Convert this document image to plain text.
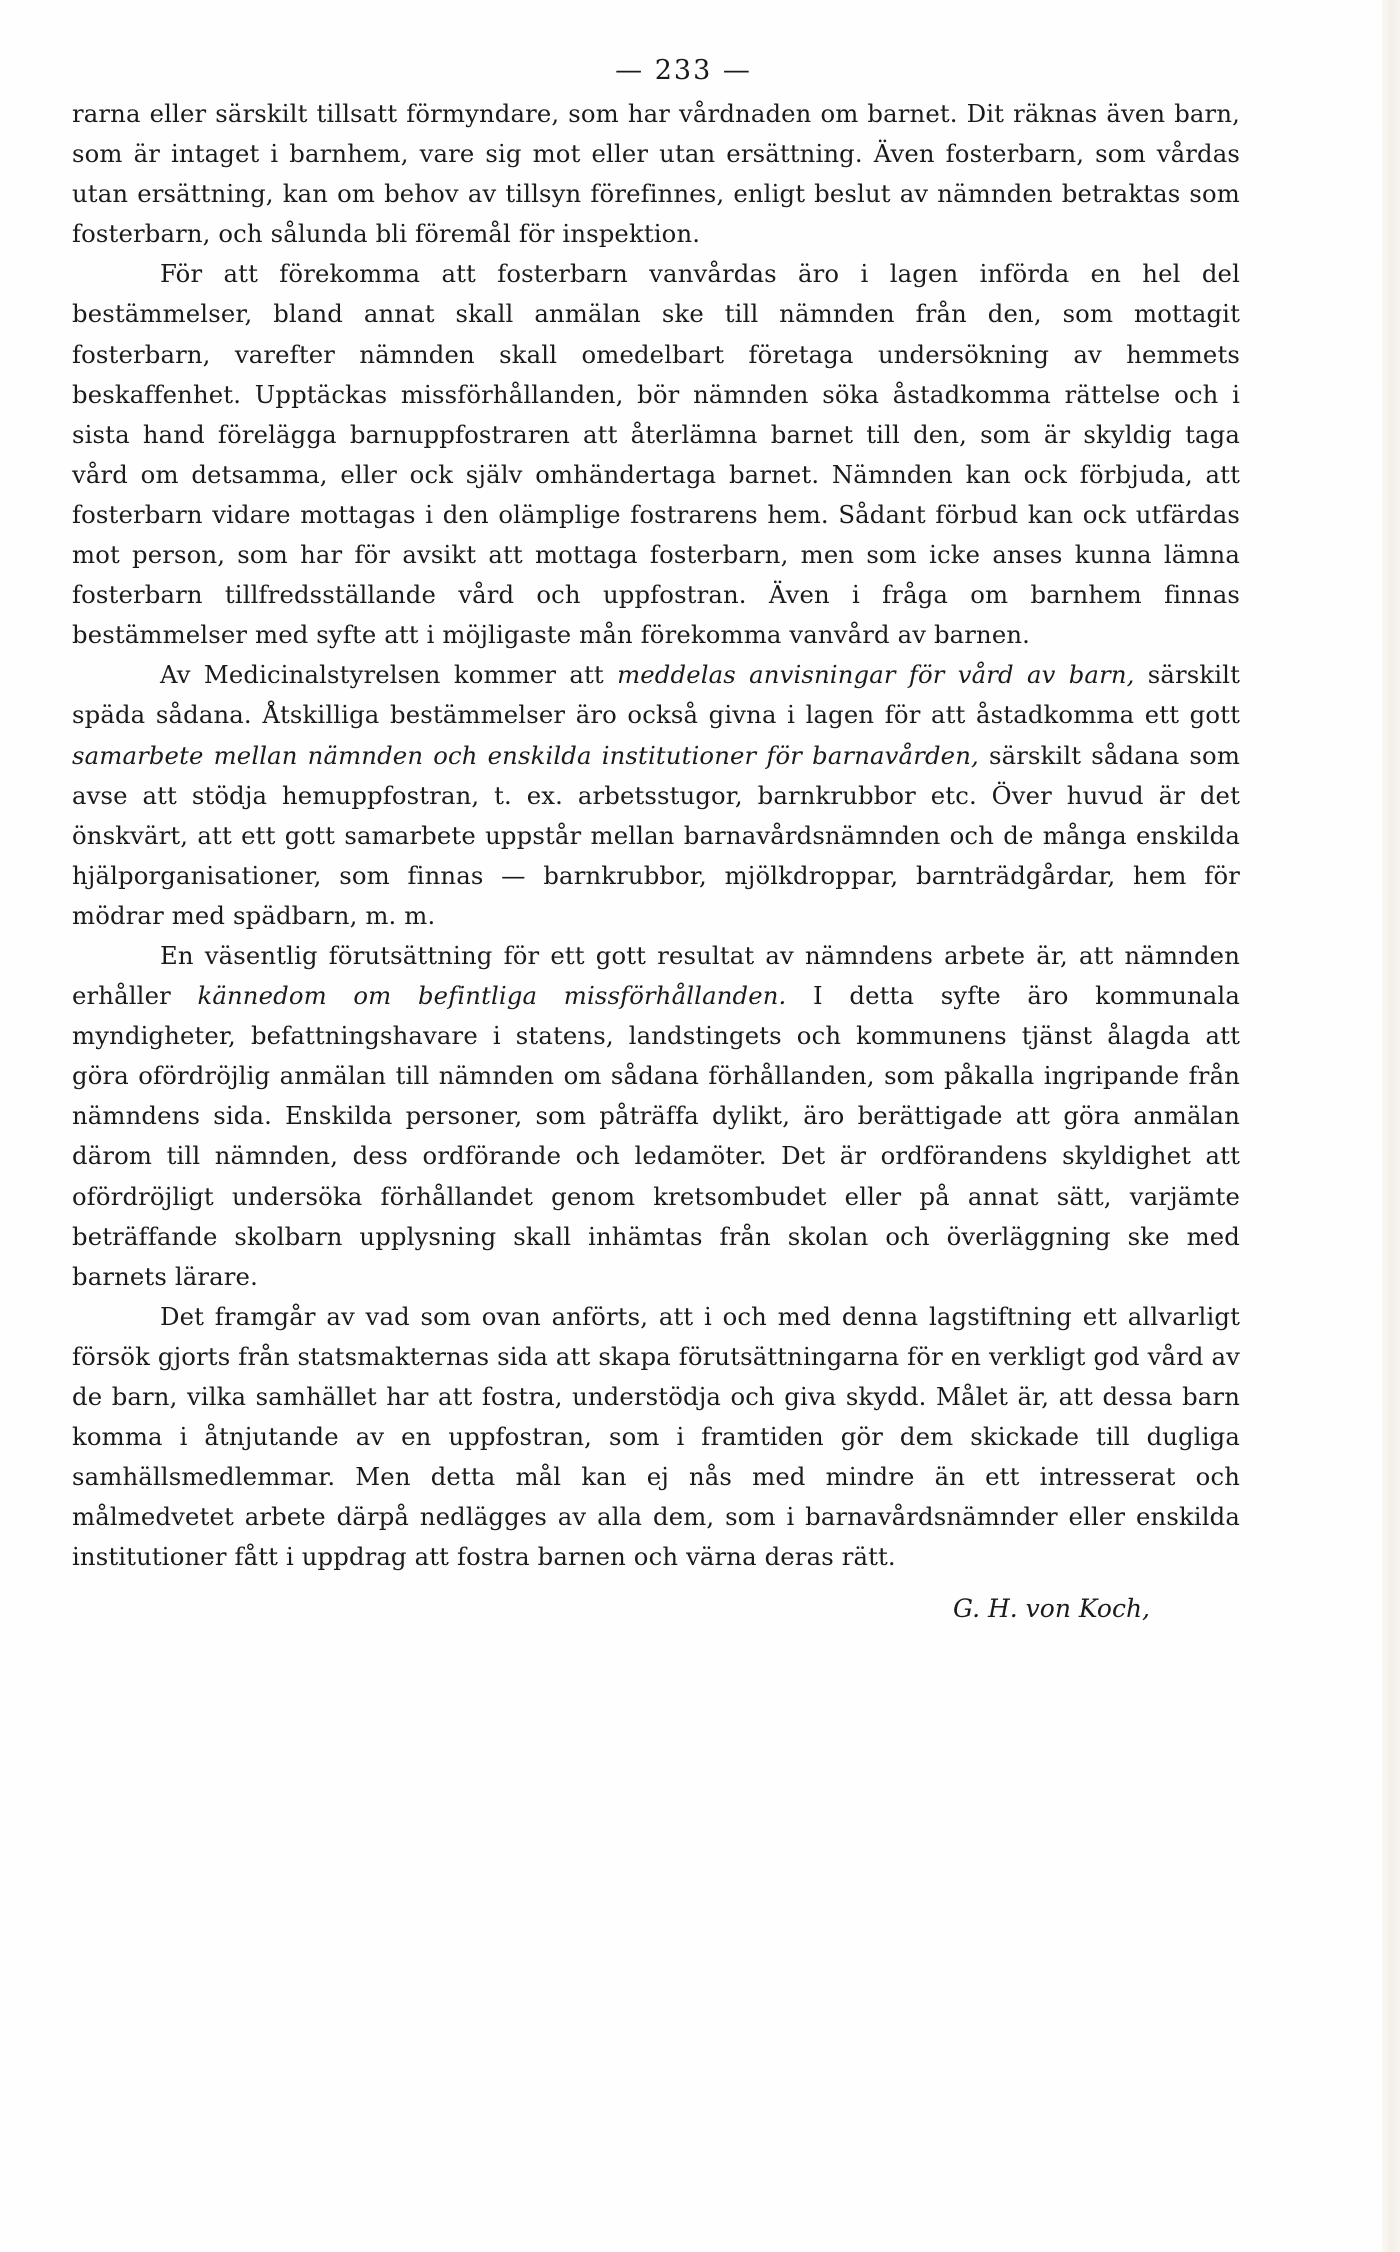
— 233 —

rarna eller särskilt tillsatt förmyndare, som har vårdnaden om barnet. Dit räknas även barn, som är intaget i barnhem, vare sig mot eller utan ersättning. Även fosterbarn, som vårdas utan ersättning, kan om behov av tillsyn förefinnes, enligt beslut av nämnden betraktas som fosterbarn, och sålunda bli föremål för inspektion.

För att förekomma att fosterbarn vanvårdas äro i lagen införda en hel del bestämmelser, bland annat skall anmälan ske till nämnden från den, som mottagit fosterbarn, varefter nämnden skall omedelbart företaga undersökning av hemmets beskaffenhet. Upptäckas missförhållanden, bör nämnden söka åstadkomma rättelse och i sista hand förelägga barnuppfostraren att återlämna barnet till den, som är skyldig taga vård om detsamma, eller ock själv omhändertaga barnet. Nämnden kan ock förbjuda, att fosterbarn vidare mottagas i den olämplige fostrarens hem. Sådant förbud kan ock utfärdas mot person, som har för avsikt att mottaga fosterbarn, men som icke anses kunna lämna fosterbarn tillfredsställande vård och uppfostran. Även i fråga om barnhem finnas bestämmelser med syfte att i möjligaste mån förekomma vanvård av barnen.

Av Medicinalstyrelsen kommer att meddelas anvisningar för vård av barn, särskilt späda sådana. Åtskilliga bestämmelser äro också givna i lagen för att åstadkomma ett gott samarbete mellan nämnden och enskilda institutioner för barnavården, särskilt sådana som avse att stödja hemuppfostran, t. ex. arbetsstugor, barnkrubbor etc. Över huvud är det önskvärt, att ett gott samarbete uppstår mellan barnavårdsnämnden och de många enskilda hjälporganisationer, som finnas — barnkrubbor, mjölkdroppar, barnträdgårdar, hem för mödrar med spädbarn, m. m.

En väsentlig förutsättning för ett gott resultat av nämndens arbete är, att nämnden erhåller kännedom om befintliga missförhållanden. I detta syfte äro kommunala myndigheter, befattningshavare i statens, landstingets och kommunens tjänst ålagda att göra ofördröjlig anmälan till nämnden om sådana förhållanden, som påkalla ingripande från nämndens sida. Enskilda personer, som påträffa dylikt, äro berättigade att göra anmälan därom till nämnden, dess ordförande och ledamöter. Det är ordförandens skyldighet att ofördröjligt undersöka förhållandet genom kretsombudet eller på annat sätt, varjämte beträffande skolbarn upplysning skall inhämtas från skolan och överläggning ske med barnets lärare.

Det framgår av vad som ovan anförts, att i och med denna lagstiftning ett allvarligt försök gjorts från statsmakternas sida att skapa förutsättningarna för en verkligt god vård av de barn, vilka samhället har att fostra, understödja och giva skydd. Målet är, att dessa barn komma i åtnjutande av en uppfostran, som i framtiden gör dem skickade till dugliga samhällsmedlemmar. Men detta mål kan ej nås med mindre än ett intresserat och målmedvetet arbete därpå nedlägges av alla dem, som i barnavårdsnämnder eller enskilda institutioner fått i uppdrag att fostra barnen och värna deras rätt.

G. H. von Koch,
